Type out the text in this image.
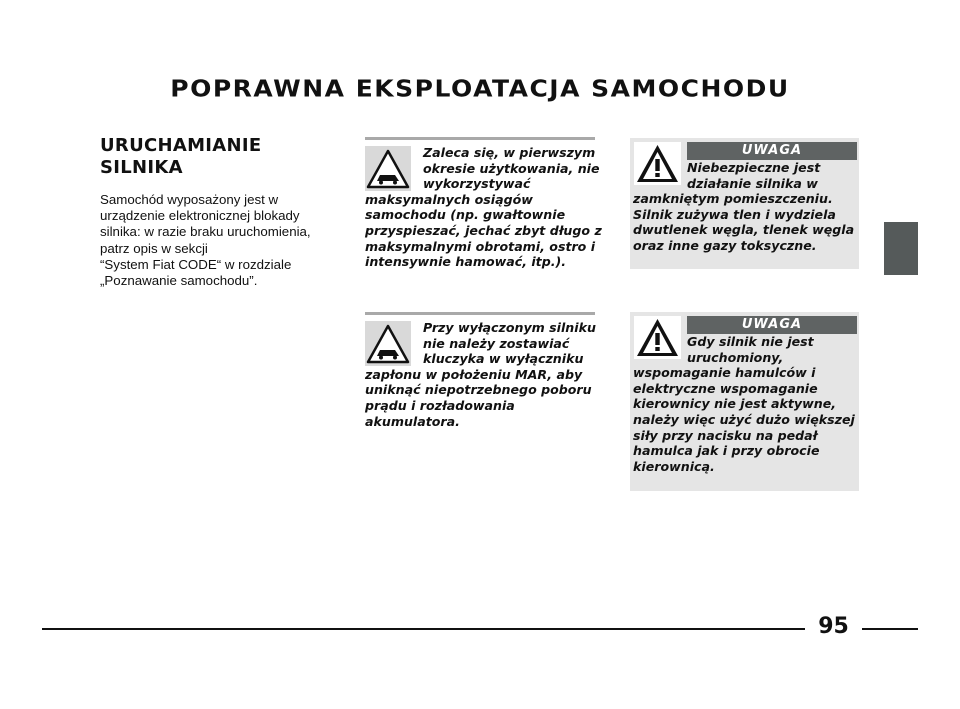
POPRAWNA EKSPLOATACJA SAMOCHODU
URUCHAMIANIE
SILNIKA
Samochód wyposażony jest w
urządzenie elektronicznej blokady
silnika: w razie braku uruchomienia,
patrz opis w sekcji
“System Fiat CODE“ w rozdziale
„Poznawanie samochodu”.
Zaleca się, w pierwszym
okresie użytkowania, nie
wykorzystywać
maksymalnych osiągów
samochodu (np. gwałtownie
przyspieszać, jechać zbyt długo z
maksymalnymi obrotami, ostro i
intensywnie hamować, itp.).
Przy wyłączonym silniku
nie należy zostawiać
kluczyka w wyłączniku
zapłonu w położeniu MAR, aby
uniknąć niepotrzebnego poboru
prądu i rozładowania
akumulatora.
UWAGA
Niebezpieczne jest
działanie silnika w
zamkniętym pomieszczeniu.
Silnik zużywa tlen i wydziela
dwutlenek węgla, tlenek węgla
oraz inne gazy toksyczne.
UWAGA
Gdy silnik nie jest
uruchomiony,
wspomaganie hamulców i
elektryczne wspomaganie
kierownicy nie jest aktywne,
należy więc użyć dużo większej
siły przy nacisku na pedał
hamulca jak i przy obrocie
kierownicą.
95
